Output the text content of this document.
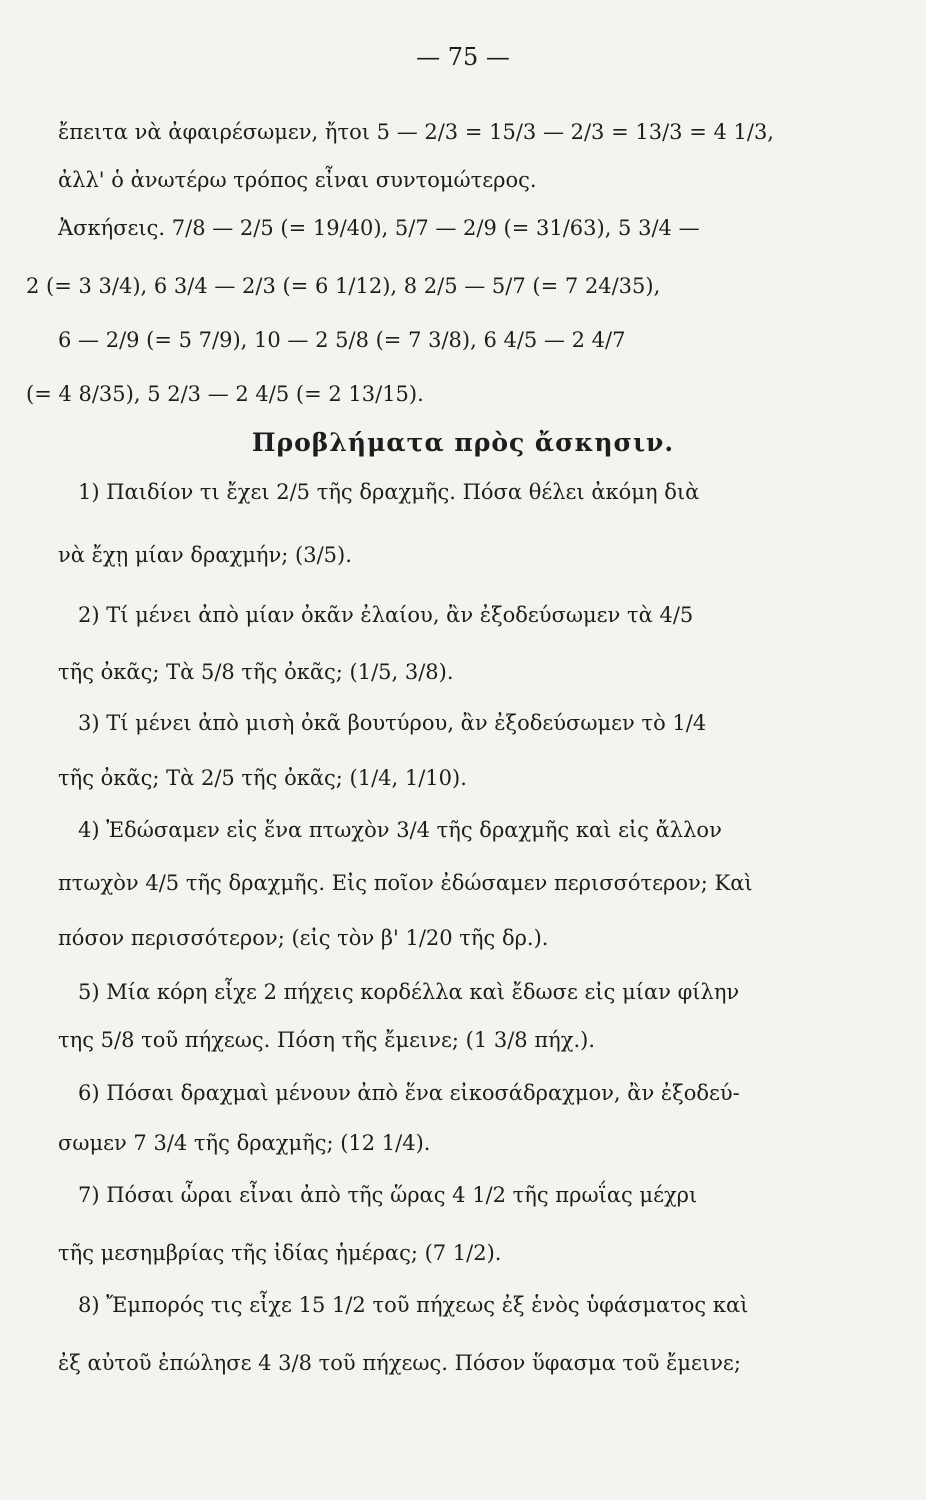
— 75 —
ἔπειτα νὰ ἀφαιρέσωμεν, ἤτοι 5 — 2/3 = 15/3 — 2/3 = 13/3 = 4 1/3,
ἀλλ' ὁ ἀνωτέρω τρόπος εἶναι συντομώτερος.
Ἀσκήσεις. 7/8 — 2/5 (= 19/40), 5/7 — 2/9 (= 31/63), 5 3/4 —
2 (= 3 3/4), 6 3/4 — 2/3 (= 6 1/12), 8 2/5 — 5/7 (= 7 24/35),
6 — 2/9 (= 5 7/9), 10 — 2 5/8 (= 7 3/8), 6 4/5 — 2 4/7
(= 4 8/35), 5 2/3 — 2 4/5 (= 2 13/15).
Προβλήματα πρὸς ἄσκησιν.
1) Παιδίον τι ἔχει 2/5 τῆς δραχμῆς. Πόσα θέλει ἀκόμη διὰ
νὰ ἔχῃ μίαν δραχμήν; (3/5).
2) Τί μένει ἀπὸ μίαν ὀκᾶν ἐλαίου, ἂν ἐξοδεύσωμεν τὰ 4/5
τῆς ὀκᾶς; Τὰ 5/8 τῆς ὀκᾶς; (1/5, 3/8).
3) Τί μένει ἀπὸ μισὴ ὀκᾶ βουτύρου, ἂν ἐξοδεύσωμεν τὸ 1/4
τῆς ὀκᾶς; Τὰ 2/5 τῆς ὀκᾶς; (1/4, 1/10).
4) Ἐδώσαμεν εἰς ἕνα πτωχὸν 3/4 τῆς δραχμῆς καὶ εἰς ἄλλον
πτωχὸν 4/5 τῆς δραχμῆς. Εἰς ποῖον ἐδώσαμεν περισσότερον; Καὶ
πόσον περισσότερον; (εἰς τὸν β' 1/20 τῆς δρ.).
5) Μία κόρη εἶχε 2 πήχεις κορδέλλα καὶ ἔδωσε εἰς μίαν φίλην
της 5/8 τοῦ πήχεως. Πόση τῆς ἔμεινε; (1 3/8 πήχ.).
6) Πόσαι δραχμαὶ μένουν ἀπὸ ἕνα εἰκοσάδραχμον, ἂν ἐξοδεύ-
σωμεν 7 3/4 τῆς δραχμῆς; (12 1/4).
7) Πόσαι ὧραι εἶναι ἀπὸ τῆς ὥρας 4 1/2 τῆς πρωΐας μέχρι
τῆς μεσημβρίας τῆς ἰδίας ἡμέρας; (7 1/2).
8) Ἔμπορός τις εἶχε 15 1/2 τοῦ πήχεως ἐξ ἑνὸς ὑφάσματος καὶ
ἐξ αὐτοῦ ἐπώλησε 4 3/8 τοῦ πήχεως. Πόσον ὕφασμα τοῦ ἔμεινε;
